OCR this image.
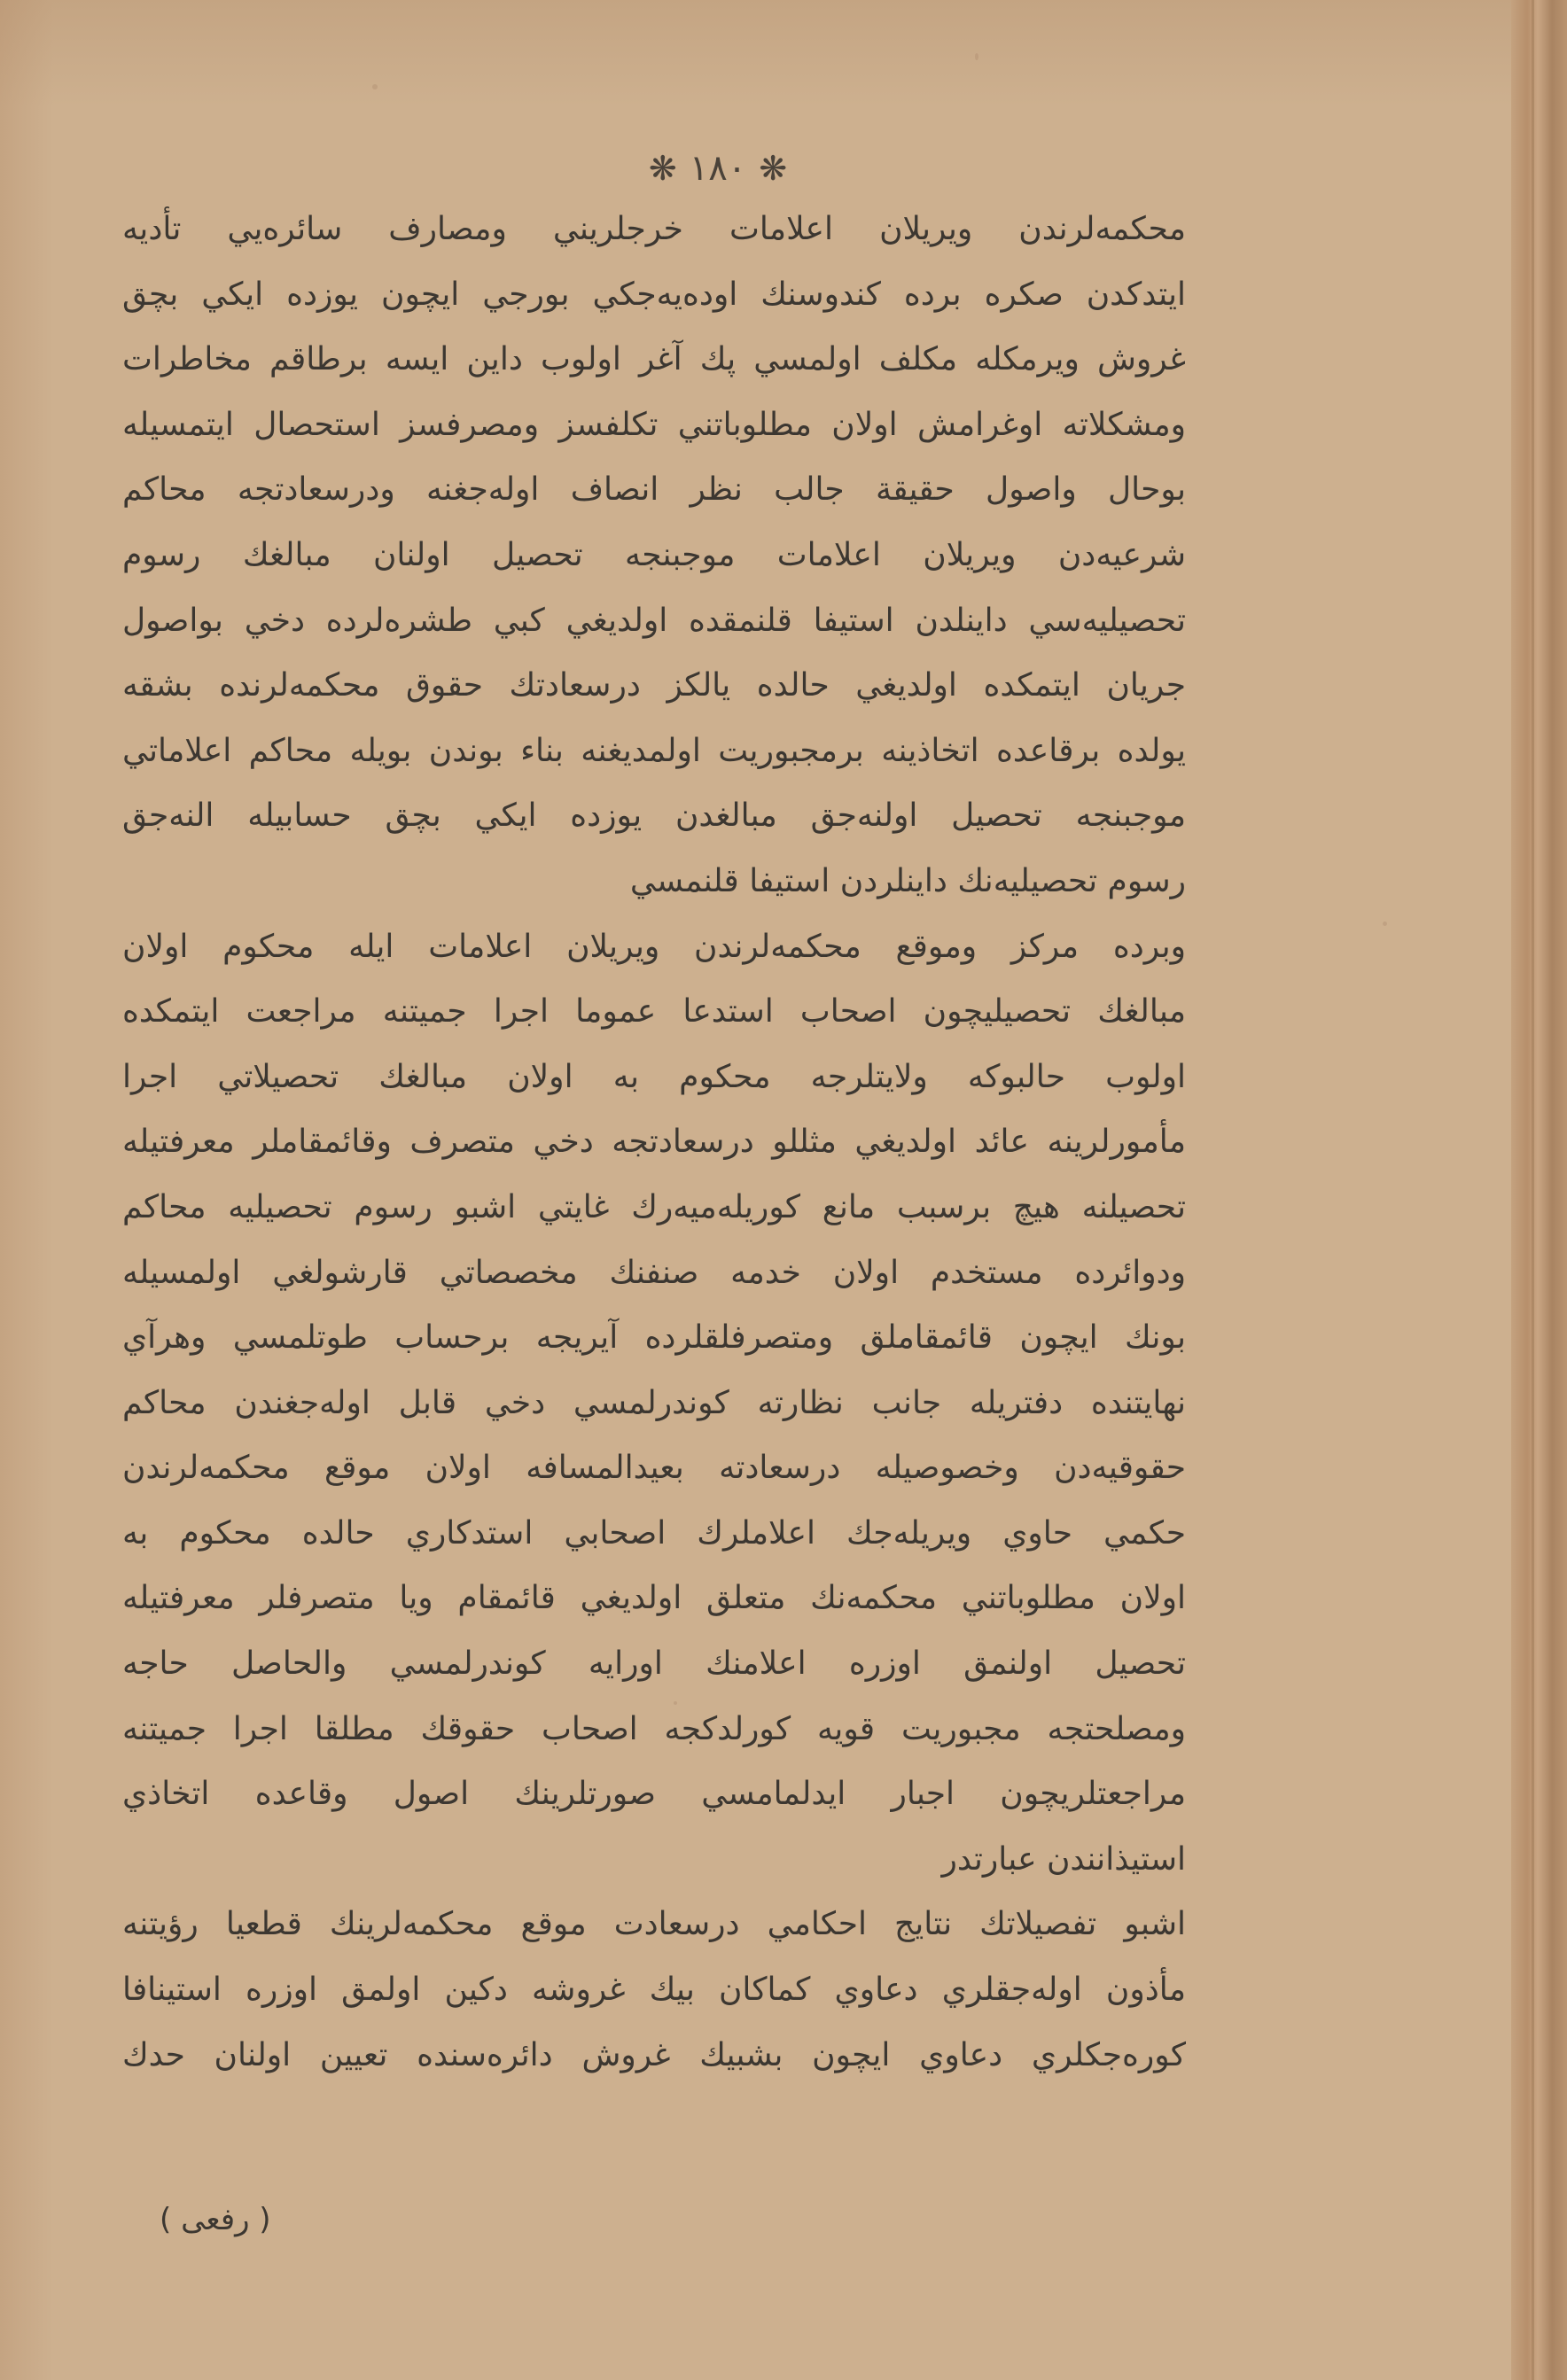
❋ ١٨٠ ❋
محكمه‌لرندن ويريلان اعلامات خرجلريني ومصارف سائره‌يي تأديه
ايتدكدن صكره برده كندوسنك اوده‌يه‌جكي بورجي ايچون يوزده ايكي بچق
غروش ويرمكله مكلف اولمسي پك آغر اولوب داين ايسه برطاقم مخاطرات
ومشكلاته اوغرامش اولان مطلوباتني تكلفسز ومصرفسز استحصال ايتمسيله
بوحال واصول حقيقة جالب نظر انصاف اوله‌جغنه ودرسعادتجه محاكم
شرعيه‌دن ويريلان اعلامات موجبنجه تحصيل اولنان مبالغك رسوم
تحصيليه‌سي داينلدن استيفا قلنمقده اولديغي كبي طشره‌لرده دخي بواصول
جريان ايتمكده اولديغي حالده يالكز درسعادتك حقوق محكمه‌لرنده بشقه
يولده برقاعده اتخاذينه برمجبوريت اولمديغنه بناء بوندن بويله محاكم اعلاماتي
موجبنجه تحصيل اولنه‌جق مبالغدن يوزده ايكي بچق حسابيله النه‌جق
رسوم تحصيليه‌نك داينلردن استيفا قلنمسي
وبرده مركز وموقع محكمه‌لرندن ويريلان اعلامات ايله محكوم اولان
مبالغك تحصيليچون اصحاب استدعا عموما اجرا جميتنه مراجعت ايتمكده
اولوب حالبوكه ولايتلرجه محكوم به اولان مبالغك تحصيلاتي اجرا
مأمورلرينه عائد اولديغي مثللو درسعادتجه دخي متصرف وقائمقاملر معرفتيله
تحصيلنه هيچ برسبب مانع كوريله‌ميه‌رك غايتي اشبو رسوم تحصيليه محاكم
ودوائرده مستخدم اولان خدمه صنفنك مخصصاتي قارشولغي اولمسيله
بونك ايچون قائمقاملق ومتصرفلقلرده آيريجه برحساب طوتلمسي وهرآي
نهايتنده دفتريله جانب نظارته كوندرلمسي دخي قابل اوله‌جغندن محاكم
حقوقيه‌دن وخصوصيله درسعادته بعيدالمسافه اولان موقع محكمه‌لرندن
حكمي حاوي ويريله‌جك اعلاملرك اصحابي استدكاري حالده محكوم به
اولان مطلوباتني محكمه‌نك متعلق اولديغي قائمقام ويا متصرفلر معرفتيله
تحصيل اولنمق اوزره اعلامنك اورايه كوندرلمسي والحاصل حاجه
ومصلحتجه مجبوريت قويه كورلدكجه اصحاب حقوقك مطلقا اجرا جميتنه
مراجعتلريچون اجبار ايدلمامسي صورتلرينك اصول وقاعده اتخاذي
استيذانندن عبارتدر
اشبو تفصيلاتك نتايج احكامي درسعادت موقع محكمه‌لرينك قطعيا رؤيتنه
مأذون اوله‌جقلري دعاوي كماكان بيك غروشه دكين اولمق اوزره استينافا
كوره‌جكلري دعاوي ايچون بشبيك غروش دائره‌سنده تعيين اولنان حدك
( رفعى )
